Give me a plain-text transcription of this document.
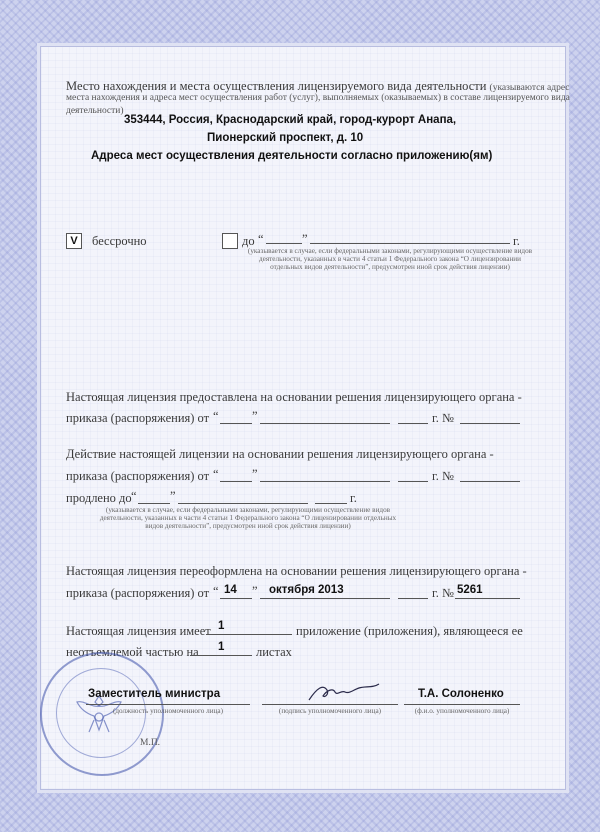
Место нахождения и места осуществления лицензируемого вида деятельности (указываются адрес
места нахождения и адреса мест осуществления работ (услуг), выполняемых (оказываемых) в составе лицензируемого вида
деятельности)
353444, Россия, Краснодарский край, город-курорт Анапа,
Пионерский проспект, д. 10
Адреса мест осуществления деятельности согласно приложению(ям)
V	бессрочно	до “	”	г.
(указывается в случае, если федеральными законами, регулирующими осуществление видов деятельности, указанных в части 4 статьи 1 Федерального закона “О лицензировании отдельных видов деятельности”, предусмотрен иной срок действия лицензии)
Настоящая лицензия предоставлена на основании решения лицензирующего органа -
приказа (распоряжения) от “	”	г. №
Действие настоящей лицензии на основании решения лицензирующего органа -
приказа (распоряжения) от “	”	г. №
продлено до “	”	г.
(указывается в случае, если федеральными законами, регулирующими осуществление видов деятельности, указанных в части 4 статьи 1 Федерального закона “О лицензировании отдельных видов деятельности”, предусмотрен иной срок действия лицензии)
Настоящая лицензия переоформлена на основании решения лицензирующего органа -
приказа (распоряжения) от “ 14 ” октября 2013	г. № 5261
Настоящая лицензия имеет 1	приложение (приложения), являющееся ее
неотъемлемой частью на 1	листах
Заместитель министра
(должность уполномоченного лица)	(подпись уполномоченного лица)
Т.А. Солоненко
(ф.и.о. уполномоченного лица)
М.П.
